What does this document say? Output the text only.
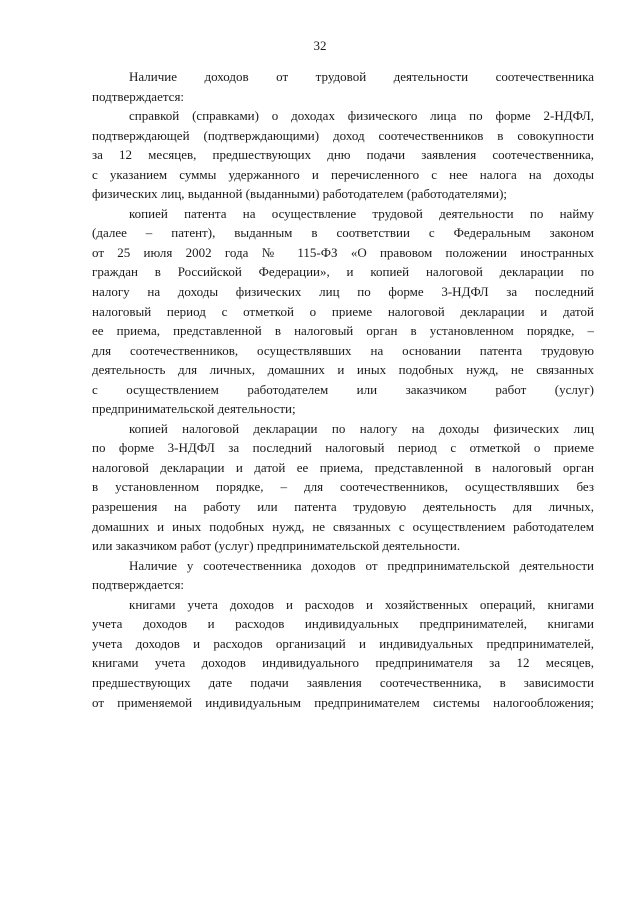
32
Наличие доходов от трудовой деятельности соотечественника
подтверждается:
справкой (справками) о доходах физического лица по форме 2-НДФЛ,
подтверждающей (подтверждающими) доход соотечественников в совокупности
за 12 месяцев, предшествующих дню подачи заявления соотечественника,
с указанием суммы удержанного и перечисленного с нее налога на доходы
физических лиц, выданной (выданными) работодателем (работодателями);
копией патента на осуществление трудовой деятельности по найму
(далее – патент), выданным в соответствии с Федеральным законом
от 25 июля 2002 года № 115-ФЗ «О правовом положении иностранных
граждан в Российской Федерации», и копией налоговой декларации по
налогу на доходы физических лиц по форме 3-НДФЛ за последний
налоговый период с отметкой о приеме налоговой декларации и датой
ее приема, представленной в налоговый орган в установленном порядке, –
для соотечественников, осуществлявших на основании патента трудовую
деятельность для личных, домашних и иных подобных нужд, не связанных
с осуществлением работодателем или заказчиком работ (услуг)
предпринимательской деятельности;
копией налоговой декларации по налогу на доходы физических лиц
по форме 3-НДФЛ за последний налоговый период с отметкой о приеме
налоговой декларации и датой ее приема, представленной в налоговый орган
в установленном порядке, – для соотечественников, осуществлявших без
разрешения на работу или патента трудовую деятельность для личных,
домашних и иных подобных нужд, не связанных с осуществлением работодателем
или заказчиком работ (услуг) предпринимательской деятельности.
Наличие у соотечественника доходов от предпринимательской деятельности
подтверждается:
книгами учета доходов и расходов и хозяйственных операций, книгами
учета доходов и расходов индивидуальных предпринимателей, книгами
учета доходов и расходов организаций и индивидуальных предпринимателей,
книгами учета доходов индивидуального предпринимателя за 12 месяцев,
предшествующих дате подачи заявления соотечественника, в зависимости
от применяемой индивидуальным предпринимателем системы налогообложения;
